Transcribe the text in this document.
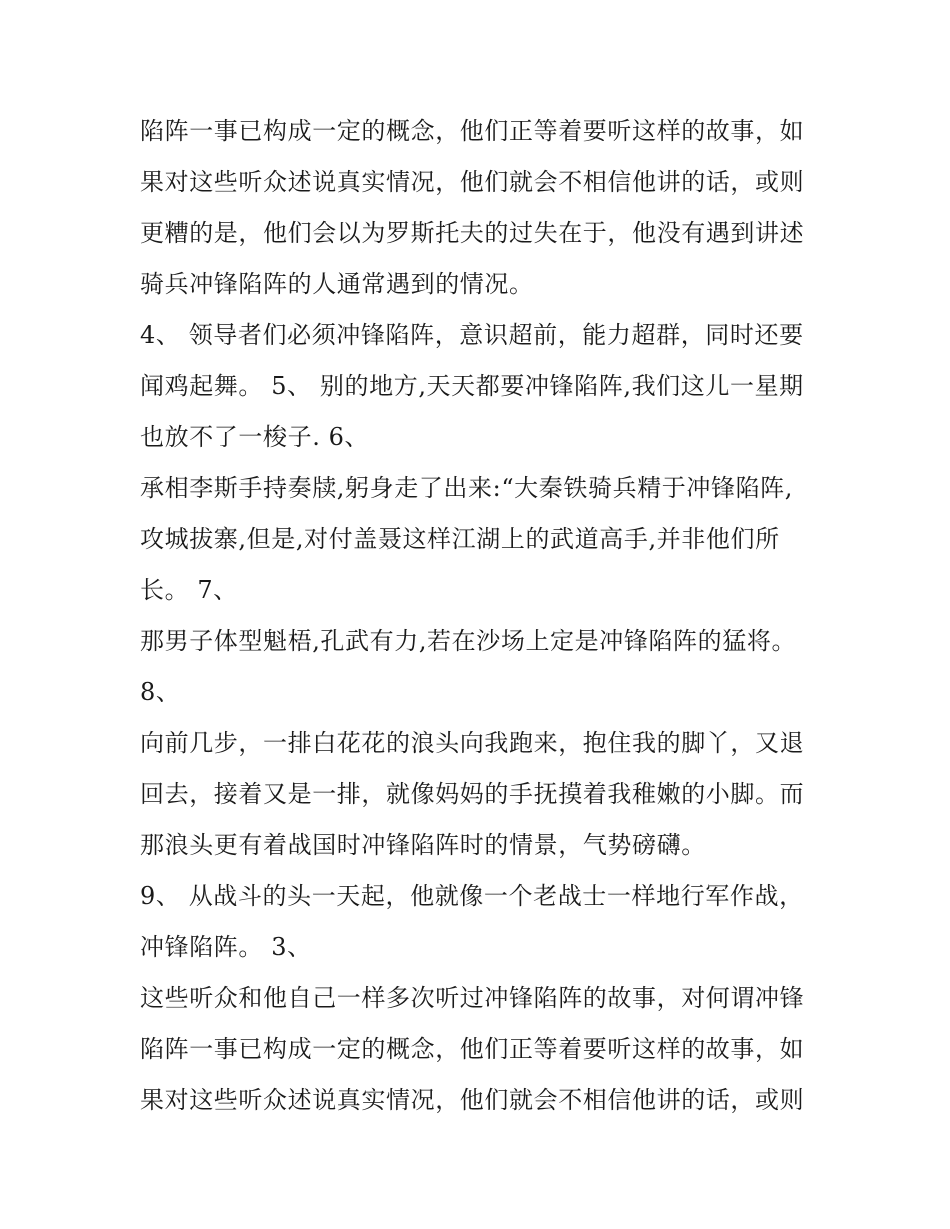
陷阵一事已构成一定的概念，他们正等着要听这样的故事，如
果对这些听众述说真实情况，他们就会不相信他讲的话，或则
更糟的是，他们会以为罗斯托夫的过失在于，他没有遇到讲述
骑兵冲锋陷阵的人通常遇到的情况。
4、 领导者们必须冲锋陷阵，意识超前，能力超群，同时还要
闻鸡起舞。 5、 别的地方,天天都要冲锋陷阵,我们这儿一星期
也放不了一梭子. 6、
承相李斯手持奏牍,躬身走了出来:“大秦铁骑兵精于冲锋陷阵,
攻城拔寨,但是,对付盖聂这样江湖上的武道高手,并非他们所
长。 7、
那男子体型魁梧,孔武有力,若在沙场上定是冲锋陷阵的猛将。
8、
向前几步，一排白花花的浪头向我跑来，抱住我的脚丫，又退
回去，接着又是一排，就像妈妈的手抚摸着我稚嫩的小脚。而
那浪头更有着战国时冲锋陷阵时的情景，气势磅礴。
9、 从战斗的头一天起，他就像一个老战士一样地行军作战，
冲锋陷阵。 3、
这些听众和他自己一样多次听过冲锋陷阵的故事，对何谓冲锋
陷阵一事已构成一定的概念，他们正等着要听这样的故事，如
果对这些听众述说真实情况，他们就会不相信他讲的话，或则
